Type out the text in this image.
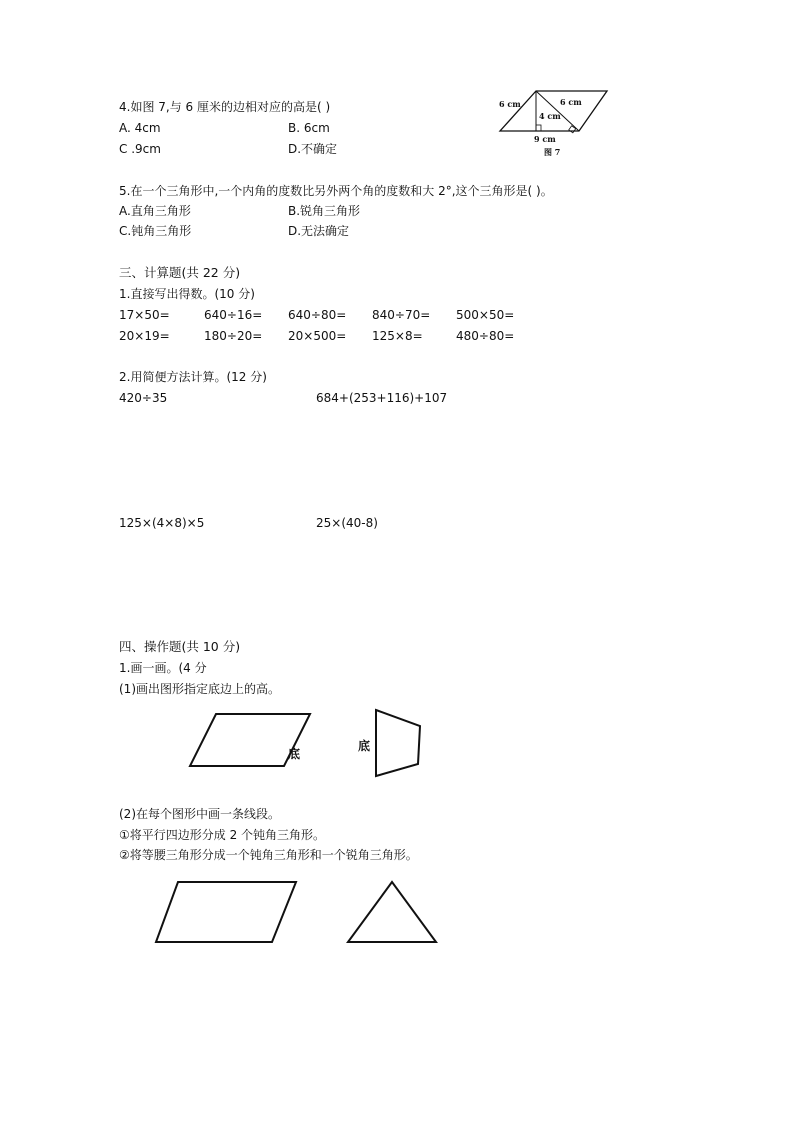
4.如图 7,与 6 厘米的边相对应的高是( )
A. 4cm	B. 6cm
C .9cm	D.不确定
6 cm	6 cm
4 cm
9 cm
图 7
5.在一个三角形中,一个内角的度数比另外两个角的度数和大 2°,这个三角形是( )。
A.直角三角形	B.锐角三角形
C.钝角三角形	D.无法确定
三、计算题(共 22 分)
1.直接写出得数。(10 分)
17×50=	640÷16= 640÷80= 840÷70= 500×50=
20×19=	180÷20= 20×500= 125×8=	480÷80=
2.用简便方法计算。(12 分)
420÷35	684+(253+116)+107
125×(4×8)×5	25×(40-8)
四、操作题(共 10 分)
1.画一画。(4 分
(1)画出图形指定底边上的高。
底
底
(2)在每个图形中画一条线段。
①将平行四边形分成 2 个钝角三角形。
②将等腰三角形分成一个钝角三角形和一个锐角三角形。
